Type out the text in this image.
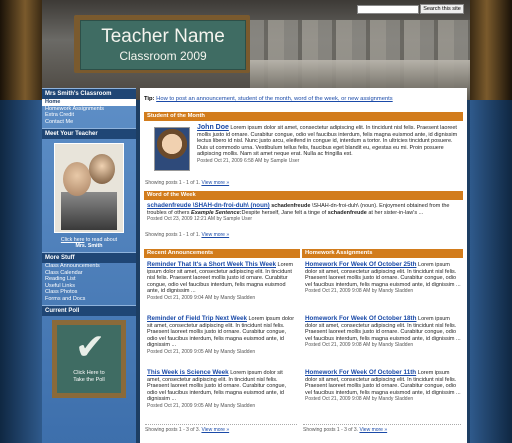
Teacher Name
Classroom 2009
Search this site
Mrs Smith's Classroom
Home
Homework Assignments
Extra Credit
Contact Me
Meet Your Teacher
Click here to read about
Mrs. Smith
More Stuff
Class Announcements
Class Calendar
Reading List
Useful Links
Class Photos
Forms and Docs
Current Poll
✔
Click Here to
Take the Poll
Tip: How to post an announcement, student of the month, word of the week, or new assignments
Student of the Month
John Doe Lorem ipsum dolor sit amet, consectetur adipiscing elit. In tincidunt nisl felis. Praesent laoreet mollis justo id ornare. Curabitur congue, odio vel faucibus interdum, felis magna euismod ante, id dignissim lectus libero id nisl. Nunc justo arcu, eleifend in congue id, interdum a tortor. In ultricies tincidunt posuere. Duis ut commodo urna. Vestibulum tellus felis, faucibus eget blandit eu, egestas eu mi. Proin posuere adipiscing mollis. Nam sit amet neque erat. Nulla ac fringilla est.
Posted Oct 21, 2009 6:58 AM by Sample User
Showing posts 1 - 1 of 1. View more »
Word of the Week
schadenfreude \SHAH-dn-froi-duh\ (noun) schadenfreude \SHAH-dn-froi-duh\ (noun). Enjoyment obtained from the troubles of others Example Sentence:Despite herself, Jane felt a tinge of schadenfreude at her sister-in-law's ...
Posted Oct 23, 2009 12:21 AM by Sample User
Showing posts 1 - 1 of 1. View more »
Recent Announcements
Reminder That It's a Short Week This Week Lorem ipsum dolor sit amet, consectetur adipiscing elit. In tincidunt nisl felis. Praesent laoreet mollis justo id ornare. Curabitur congue, odio vel faucibus interdum, felis magna euismod ante, id dignissim ...
Posted Oct 21, 2009 9:04 AM by Mandy Sladden
Reminder of Field Trip Next Week Lorem ipsum dolor sit amet, consectetur adipiscing elit. In tincidunt nisl felis. Praesent laoreet mollis justo id ornare. Curabitur congue, odio vel faucibus interdum, felis magna euismod ante, id dignissim ...
Posted Oct 21, 2009 9:05 AM by Mandy Sladden
This Week is Science Week Lorem ipsum dolor sit amet, consectetur adipiscing elit. In tincidunt nisl felis. Praesent laoreet mollis justo id ornare. Curabitur congue, odio vel faucibus interdum, felis magna euismod ante, id dignissim ...
Posted Oct 21, 2009 9:05 AM by Mandy Sladden
Showing posts 1 - 3 of 3. View more »
Homework Assignments
Homework For Week Of October 25th Lorem ipsum dolor sit amet, consectetur adipiscing elit. In tincidunt nisl felis. Praesent laoreet mollis justo id ornare. Curabitur congue, odio vel faucibus interdum, felis magna euismod ante, id dignissim ...
Posted Oct 21, 2009 9:08 AM by Mandy Sladden
Homework For Week Of October 18th Lorem ipsum dolor sit amet, consectetur adipiscing elit. In tincidunt nisl felis. Praesent laoreet mollis justo id ornare. Curabitur congue, odio vel faucibus interdum, felis magna euismod ante, id dignissim ...
Posted Oct 21, 2009 9:08 AM by Mandy Sladden
Homework For Week Of October 11th Lorem ipsum dolor sit amet, consectetur adipiscing elit. In tincidunt nisl felis. Praesent laoreet mollis justo id ornare. Curabitur congue, odio vel faucibus interdum, felis magna euismod ante, id dignissim ...
Posted Oct 21, 2009 9:08 AM by Mandy Sladden
Showing posts 1 - 3 of 3. View more »
